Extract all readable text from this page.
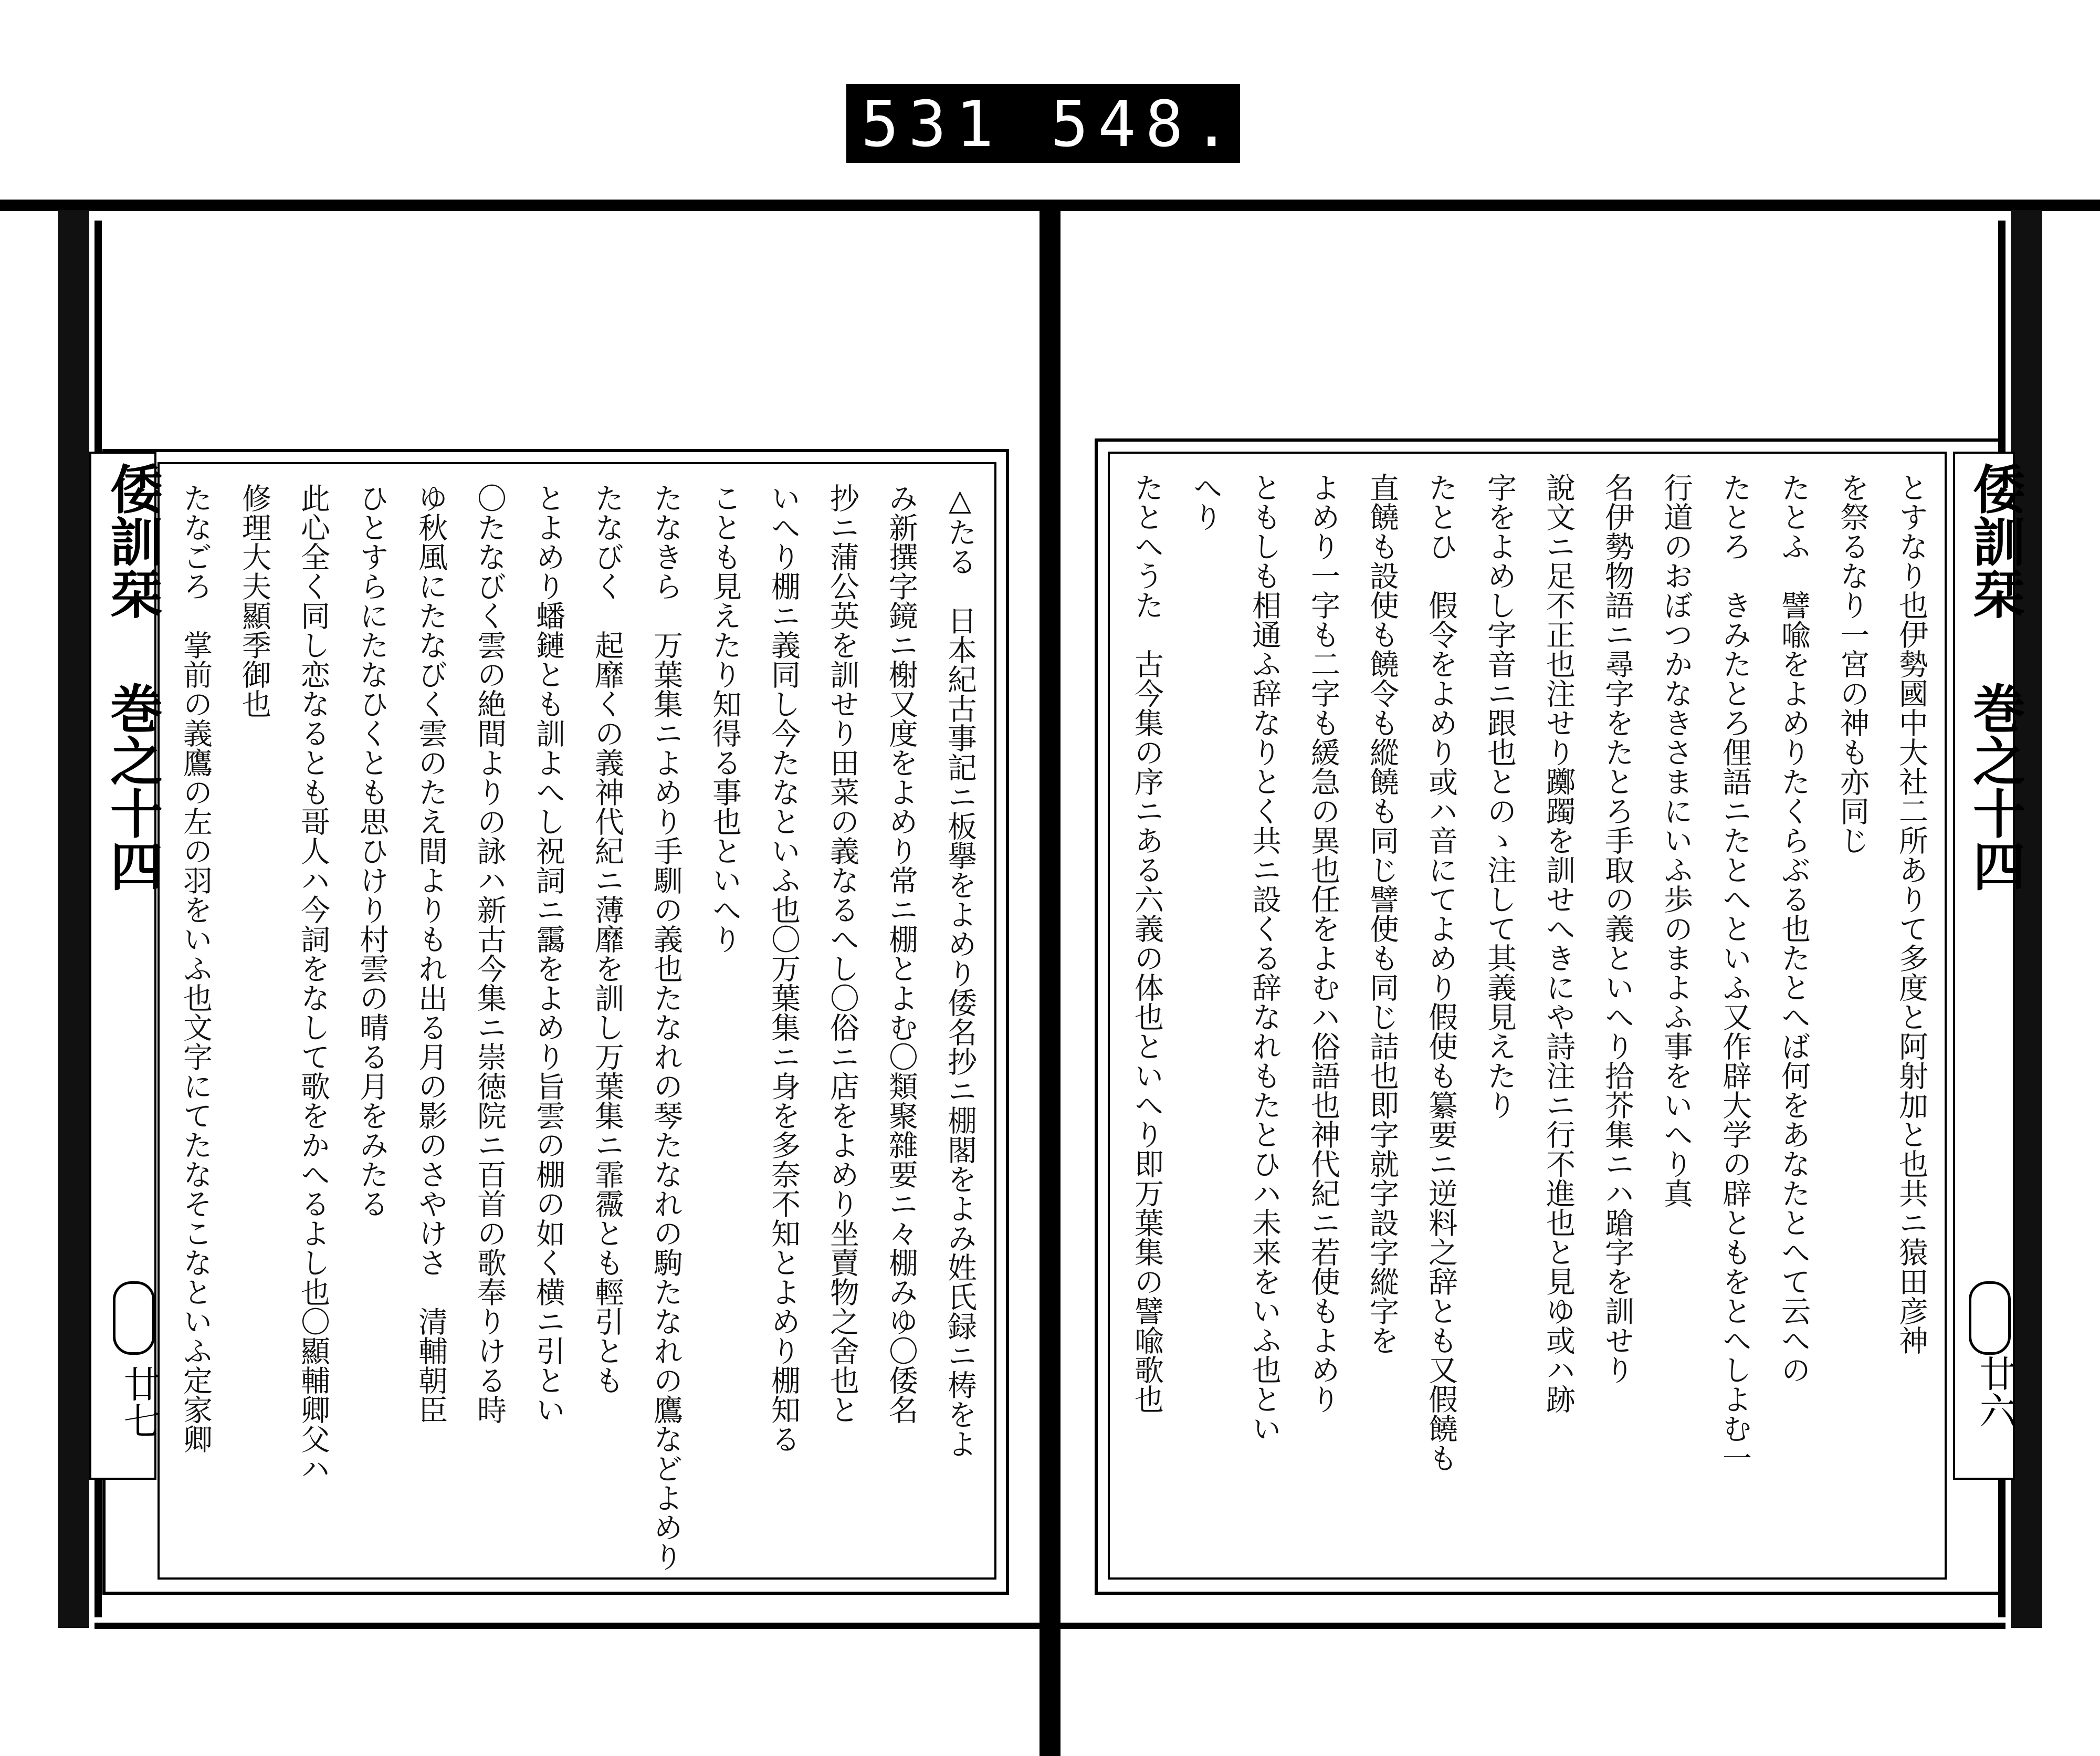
531 548.
倭訓栞 巻之十四
廿七	△たる　日本紀古事記ニ板擧をよめり倭名抄ニ棚閣をよみ姓氏録ニ梼をよ
み新撰字鏡ニ榭又度をよめり常ニ棚とよむ〇類聚雜要ニ々棚みゆ〇倭名
抄ニ蒲公英を訓せり田菜の義なるへし〇俗ニ店をよめり坐賣物之舍也と
いへり棚ニ義同し今たなといふ也〇万葉集ニ身を多奈不知とよめり棚知る
ことも見えたり知得る事也といへり
たなきら　万葉集ニよめり手馴の義也たなれの琴たなれの駒たなれの鷹などよめり
たなびく　起靡くの義神代紀ニ薄靡を訓し万葉集ニ霏霺とも輕引とも
とよめり蟠鏈とも訓よへし祝詞ニ靄をよめり旨雲の棚の如く横ニ引とい
〇たなびく雲の絶間よりの詠ハ新古今集ニ崇徳院ニ百首の歌奉りける時
ゆ秋風にたなびく雲のたえ間よりもれ出る月の影のさやけさ　清輔朝臣
ひとすらにたなひくとも思ひけり村雲の晴る月をみたる
此心全く同し恋なるとも哥人ハ今詞をなして歌をかへるよし也〇顯輔卿父ハ
修理大夫顯季御也
たなごろ　掌前の義鷹の左の羽をいふ也文字にてたなそこなといふ定家卿	倭訓栞 巻之十四
廿六
とすなり也伊勢國中大社二所ありて多度と阿射加と也共ニ猿田彦神
を祭るなり一宮の神も亦同じ
たとふ　譬喩をよめりたくらぶる也たとへば何をあなたとへて云への
たとろ　きみたとろ俚語ニたとへといふ又作辟大学の辟ともをとへしよむ一
行道のおぼつかなきさまにいふ歩のまよふ事をいへり真
名伊勢物語ニ尋字をたとろ手取の義といへり拾芥集ニハ蹌字を訓せり
說文ニ足不正也注せり躑躅を訓せへきにや詩注ニ行不進也と見ゆ或ハ跡
字をよめし字音ニ跟也とのゝ注して其義見えたり
たとひ　假令をよめり或ハ音にてよめり假使も纂要ニ逆料之辞とも又假饒も
直饒も設使も饒令も縱饒も同じ譬使も同じ詰也即字就字設字縱字を
よめり一字も二字も緩急の異也任をよむハ俗語也神代紀ニ若使もよめり
ともしも相通ふ辞なりとく共ニ設くる辞なれもたとひハ未来をいふ也とい
へり
たとへうた　古今集の序ニある六義の体也といへり即万葉集の譬喩歌也
